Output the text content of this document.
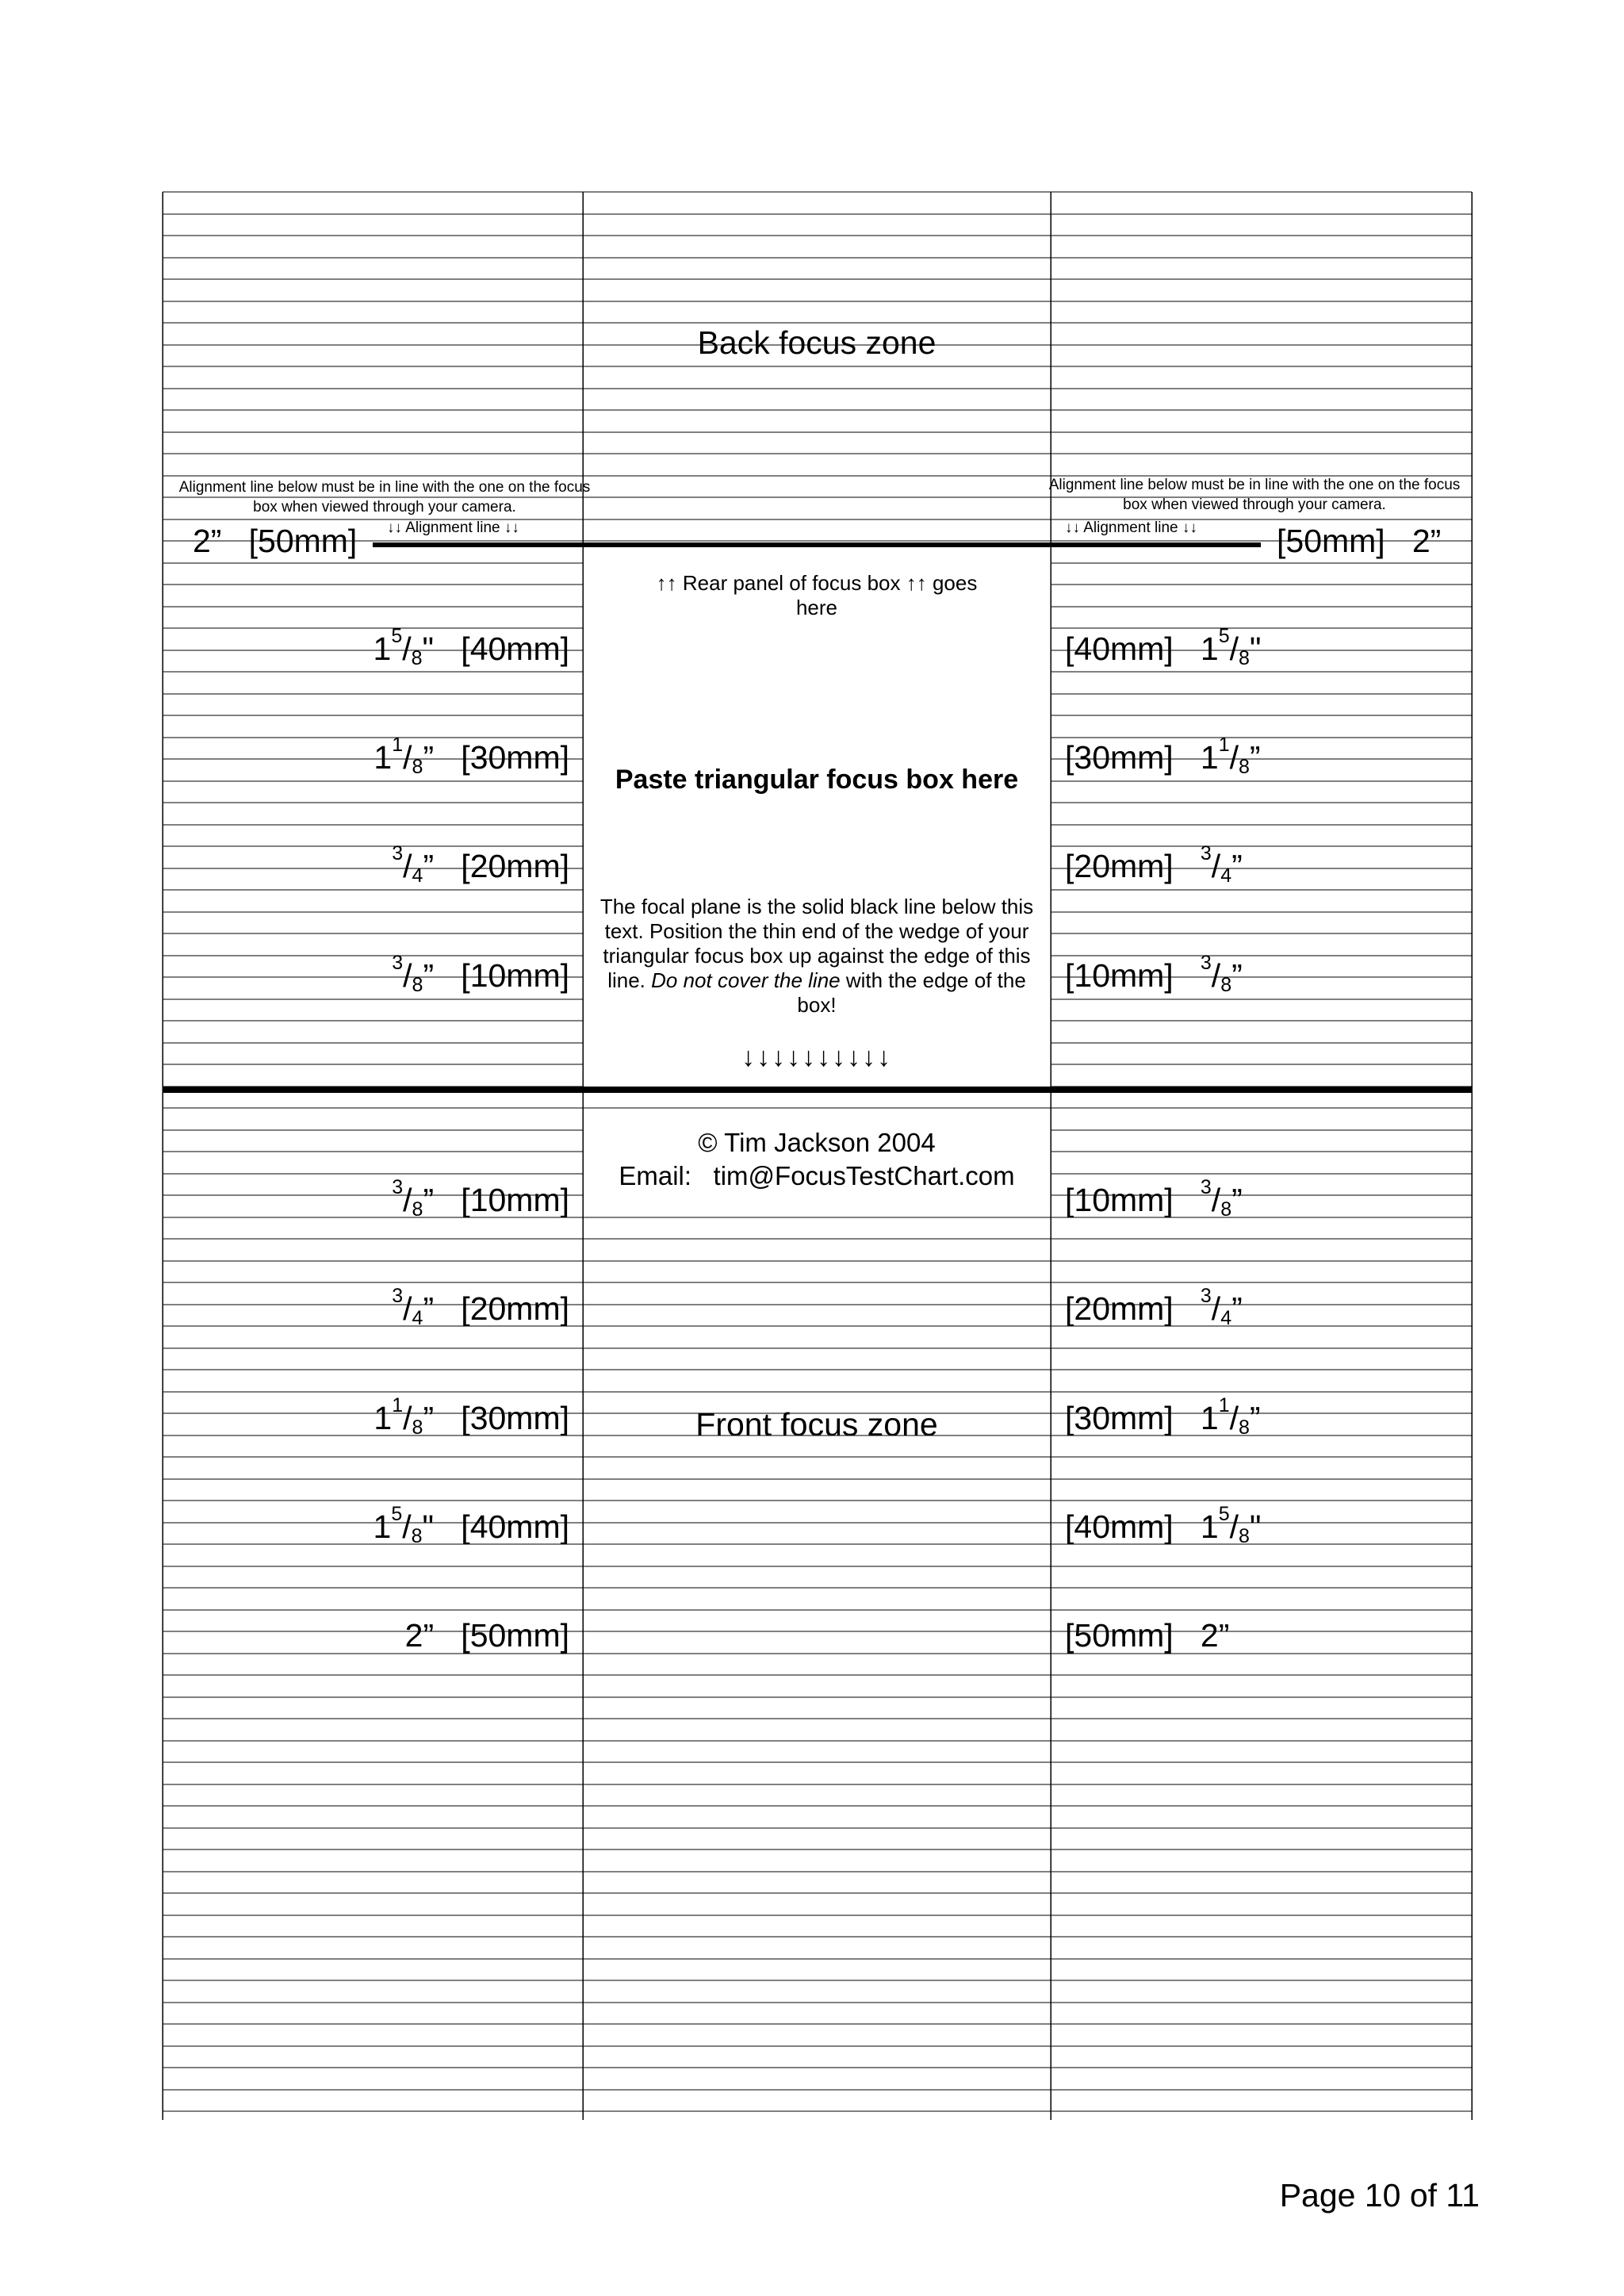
Back focus zone
Alignment line below must be in line with the one on the focus box when viewed through your camera.
Alignment line below must be in line with the one on the focus box when viewed through your camera.
2”   [50mm] ↓↓ Alignment line ↓↓	↓↓ Alignment line ↓↓ [50mm]   2”
↑↑ Rear panel of focus box ↑↑ goes here
Paste triangular focus box here
The focal plane is the solid black line below this text. Position the thin end of the wedge of your triangular focus box up against the edge of this line. Do not cover the line with the edge of the box!
↓↓↓↓↓↓↓↓↓↓
© Tim Jackson 2004
Email: tim@FocusTestChart.com
Front focus zone
$1^5/_8$" [40mm]	[40mm] $1^5/_8$"
$1^1/_8$” [30mm]	[30mm] $1^1/_8$”
$^3/_4$” [20mm]	[20mm] $^3/_4$”
$^3/_8$” [10mm]	[10mm] $^3/_8$”
$^3/_8$” [10mm]	[10mm] $^3/_8$”
$^3/_4$” [20mm]	[20mm] $^3/_4$”
$1^1/_8$” [30mm]	[30mm] $1^1/_8$”
$1^5/_8$" [40mm]	[40mm] $1^5/_8$"
2” [50mm]	[50mm] 2”
Page 10 of 11
